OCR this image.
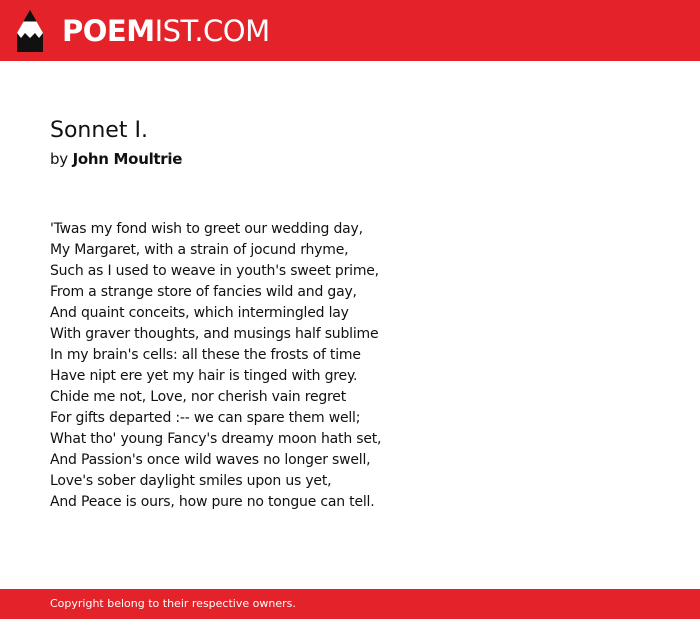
POEMIST.COM
Sonnet I.
by John Moultrie
'Twas my fond wish to greet our wedding day,
My Margaret, with a strain of jocund rhyme,
Such as I used to weave in youth's sweet prime,
From a strange store of fancies wild and gay,
And quaint conceits, which intermingled lay
With graver thoughts, and musings half sublime
In my brain's cells: all these the frosts of time
Have nipt ere yet my hair is tinged with grey.
Chide me not, Love, nor cherish vain regret
For gifts departed :-- we can spare them well;
What tho' young Fancy's dreamy moon hath set,
And Passion's once wild waves no longer swell,
Love's sober daylight smiles upon us yet,
And Peace is ours, how pure no tongue can tell.
Copyright belong to their respective owners.
